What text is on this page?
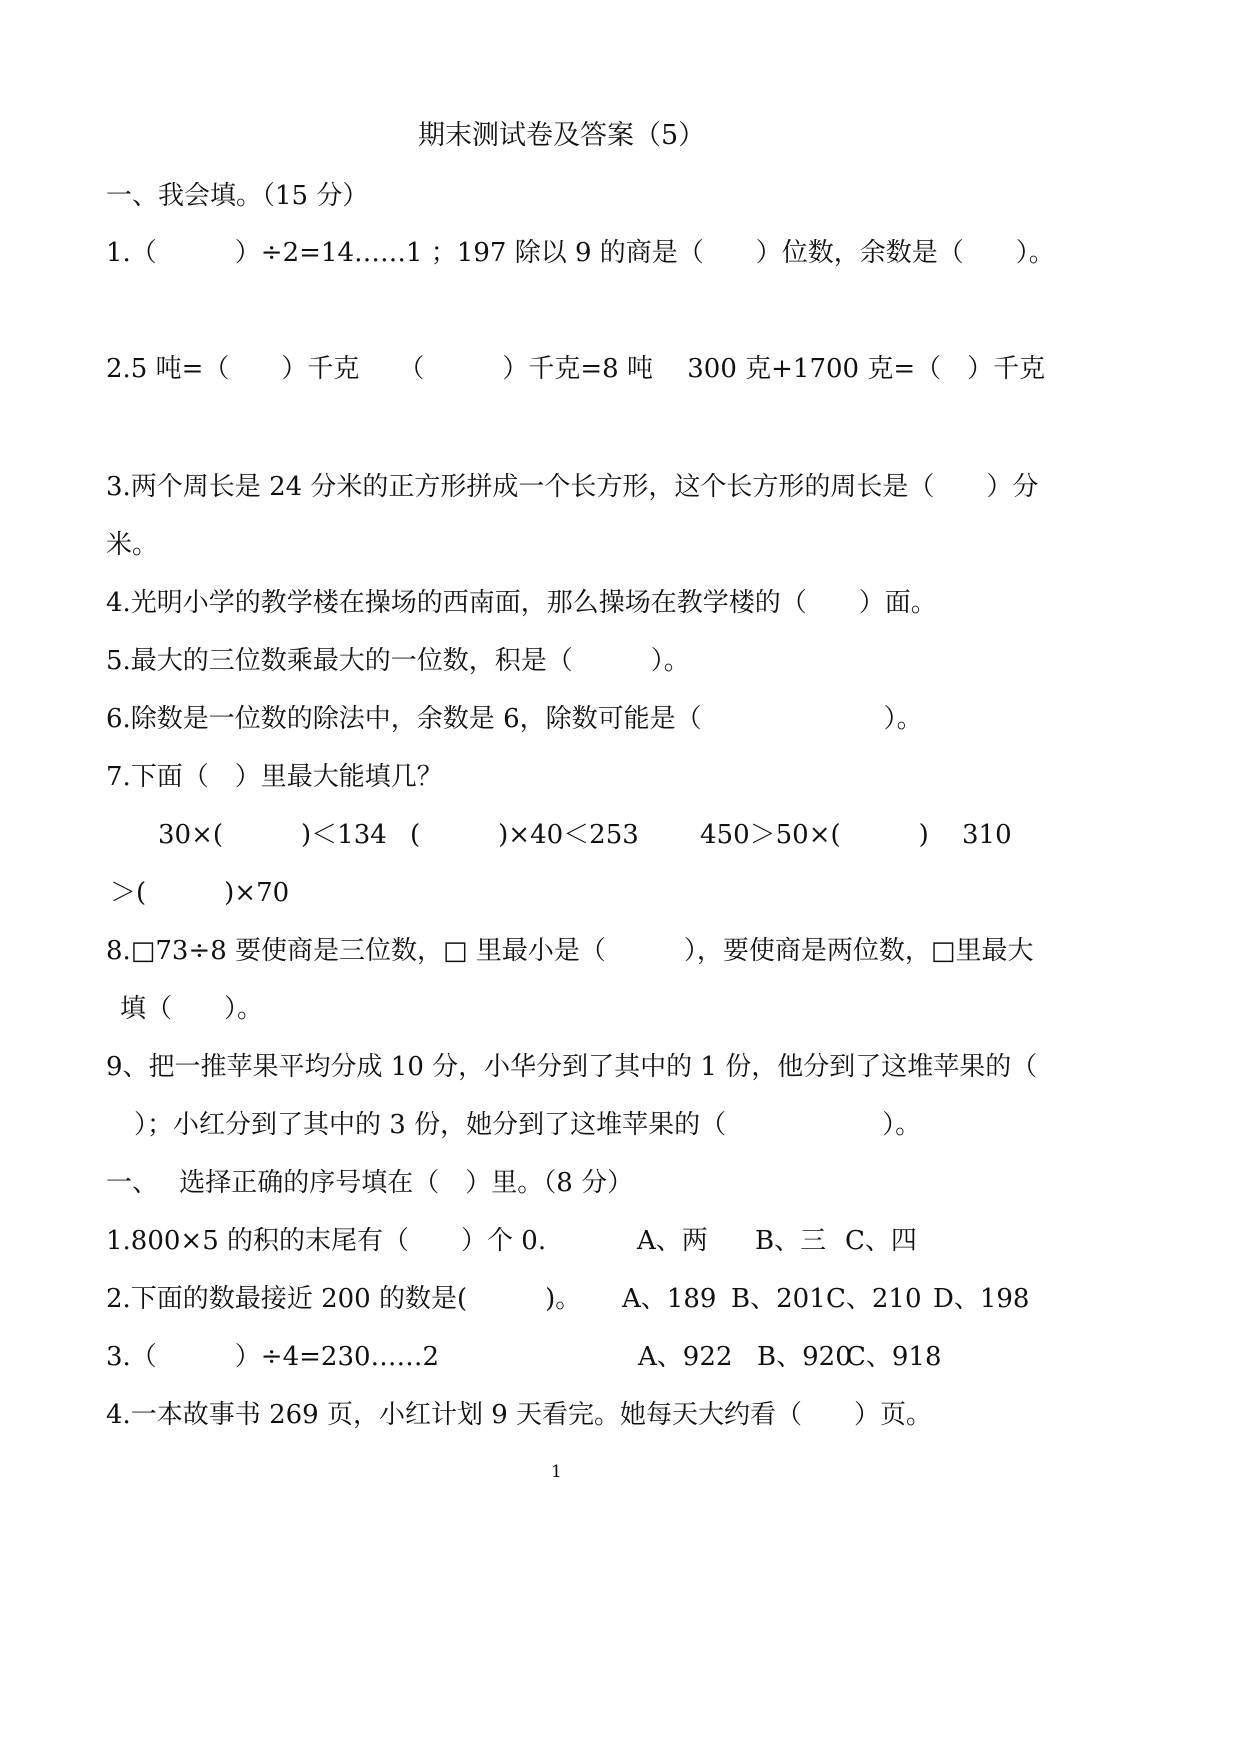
期末测试卷及答案（5）
一、我会填。（15 分）
1.（　　　）÷2=14……1 ；197 除以 9 的商是（　　）位数，余数是（　　）。
2.5 吨=（　　）千克　　（　　　）千克=8 吨　 300 克+1700 克=（　）千克
3.两个周长是 24 分米的正方形拼成一个长方形，这个长方形的周长是（　　）分
米。
4.光明小学的教学楼在操场的西南面，那么操场在教学楼的（　　）面。
5.最大的三位数乘最大的一位数，积是（　　　）。
6.除数是一位数的除法中，余数是 6，除数可能是（　　　　　　　）。
7.下面（　）里最大能填几？
30×(　　　)＜134 (　　　)×40＜253 450＞50×(　　　) 310
＞(　　　)×70
8.□73÷8 要使商是三位数，□ 里最小是（　　　），要使商是两位数，□里最大
填（　　）。
9、把一推苹果平均分成 10 分，小华分到了其中的 1 份，他分到了这堆苹果的（
）；小红分到了其中的 3 份，她分到了这堆苹果的（　　　　　　）。
一、　 选择正确的序号填在（　）里。（8 分）
1.800×5 的积的末尾有（　　）个 0.	A、两 B、三 C、四
2.下面的数最接近 200 的数是(　　　)。 A、189 B、201 C、210 D、198
3.（　　　）÷4=230……2	A、922 B、920
C、918
4.一本故事书 269 页，小红计划 9 天看完。她每天大约看（　　）页。
1
